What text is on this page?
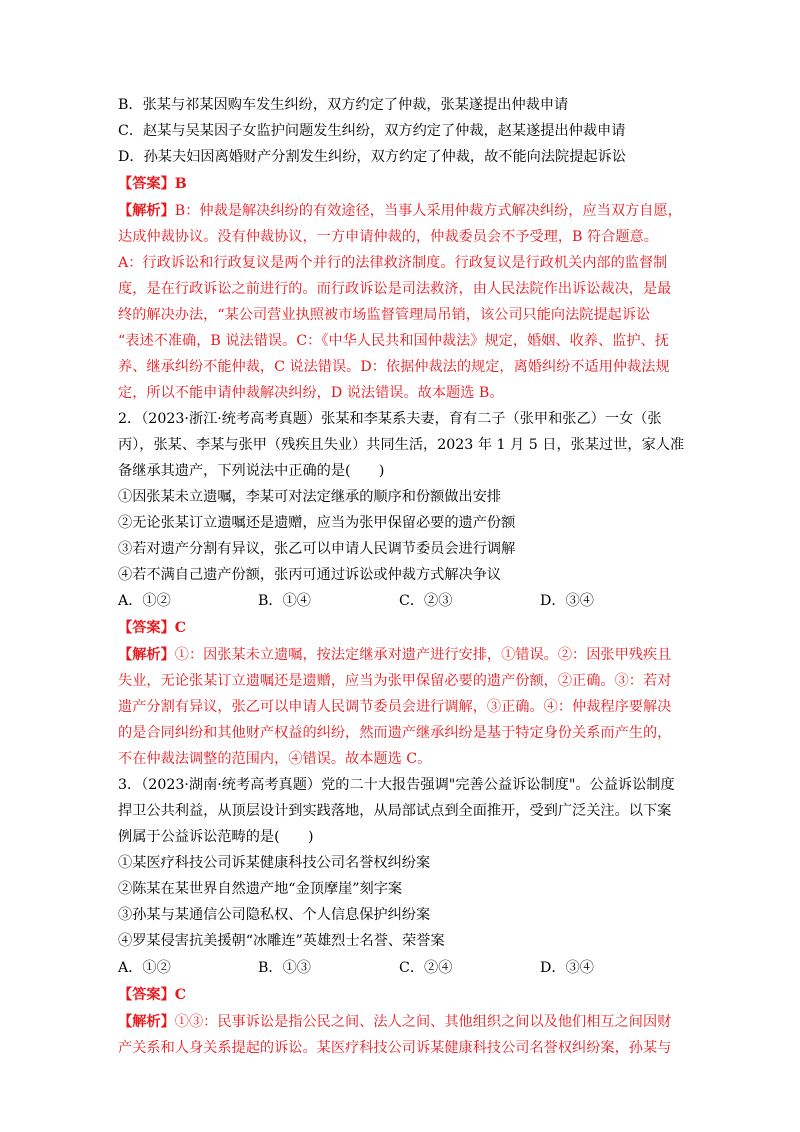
B．张某与祁某因购车发生纠纷，双方约定了仲裁，张某遂提出仲裁申请
C．赵某与吴某因子女监护问题发生纠纷，双方约定了仲裁，赵某遂提出仲裁申请
D．孙某夫妇因离婚财产分割发生纠纷，双方约定了仲裁，故不能向法院提起诉讼
【答案】B
【解析】B：仲裁是解决纠纷的有效途径，当事人采用仲裁方式解决纠纷，应当双方自愿，
达成仲裁协议。没有仲裁协议，一方申请仲裁的，仲裁委员会不予受理，B 符合题意。
A：行政诉讼和行政复议是两个并行的法律救济制度。行政复议是行政机关内部的监督制
度，是在行政诉讼之前进行的。而行政诉讼是司法救济，由人民法院作出诉讼裁决，是最
终的解决办法，“某公司营业执照被市场监督管理局吊销，该公司只能向法院提起诉讼
“表述不准确，B 说法错误。C：《中华人民共和国仲裁法》规定，婚姻、收养、监护、抚
养、继承纠纷不能仲裁，C 说法错误。D：依据仲裁法的规定，离婚纠纷不适用仲裁法规
定，所以不能申请仲裁解决纠纷，D 说法错误。故本题选 B。
2．（2023·浙江·统考高考真题）张某和李某系夫妻，育有二子（张甲和张乙）一女（张
丙），张某、李某与张甲（残疾且失业）共同生活，2023 年 1 月 5 日，张某过世，家人准
备继承其遗产，下列说法中正确的是(　　)
①因张某未立遗嘱，李某可对法定继承的顺序和份额做出安排
②无论张某订立遗嘱还是遗赠，应当为张甲保留必要的遗产份额
③若对遗产分割有异议，张乙可以申请人民调节委员会进行调解
④若不满自己遗产份额，张丙可通过诉讼或仲裁方式解决争议
A．①②	B．①④	C．②③	D．③④
【答案】C
【解析】①：因张某未立遗嘱，按法定继承对遗产进行安排，①错误。②：因张甲残疾且
失业，无论张某订立遗嘱还是遗赠，应当为张甲保留必要的遗产份额，②正确。③：若对
遗产分割有异议，张乙可以申请人民调节委员会进行调解，③正确。④：仲裁程序要解决
的是合同纠纷和其他财产权益的纠纷，然而遗产继承纠纷是基于特定身份关系而产生的，
不在仲裁法调整的范围内，④错误。故本题选 C。
3．（2023·湖南·统考高考真题）党的二十大报告强调"完善公益诉讼制度"。公益诉讼制度
捍卫公共利益，从顶层设计到实践落地，从局部试点到全面推开，受到广泛关注。以下案
例属于公益诉讼范畴的是(　　)
①某医疗科技公司诉某健康科技公司名誉权纠纷案
②陈某在某世界自然遗产地“金顶摩崖”刻字案
③孙某与某通信公司隐私权、个人信息保护纠纷案
④罗某侵害抗美援朝“冰雕连”英雄烈士名誉、荣誉案
A．①②	B．①③	C．②④	D．③④
【答案】C
【解析】①③：民事诉讼是指公民之间、法人之间、其他组织之间以及他们相互之间因财
产关系和人身关系提起的诉讼。某医疗科技公司诉某健康科技公司名誉权纠纷案，孙某与
